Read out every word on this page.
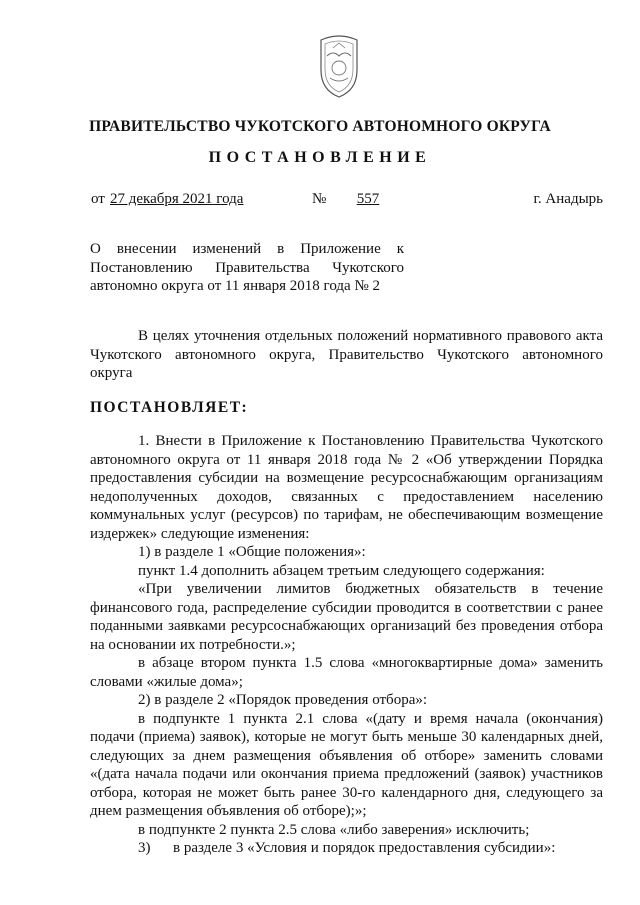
ПРАВИТЕЛЬСТВО ЧУКОТСКОГО АВТОНОМНОГО ОКРУГА
ПОСТАНОВЛЕНИЕ
от 27 декабря 2021 года	№	557	г. Анадырь
О внесении изменений в Приложение к
Постановлению Правительства Чукотского
автономно округа от 11 января 2018 года № 2
В целях уточнения отдельных положений нормативного правового акта
Чукотского автономного округа, Правительство Чукотского автономного
округа
ПОСТАНОВЛЯЕТ:
1. Внести в Приложение к Постановлению Правительства Чукотского
автономного округа от 11 января 2018 года № 2 «Об утверждении Порядка
предоставления субсидии на возмещение ресурсоснабжающим организациям
недополученных доходов, связанных с предоставлением населению
коммунальных услуг (ресурсов) по тарифам, не обеспечивающим возмещение
издержек» следующие изменения:
1) в разделе 1 «Общие положения»:
пункт 1.4 дополнить абзацем третьим следующего содержания:
«При увеличении лимитов бюджетных обязательств в течение
финансового года, распределение субсидии проводится в соответствии с ранее
поданными заявками ресурсоснабжающих организаций без проведения отбора
на основании их потребности.»;
в абзаце втором пункта 1.5 слова «многоквартирные дома» заменить
словами «жилые дома»;
2) в разделе 2 «Порядок проведения отбора»:
в подпункте 1 пункта 2.1 слова «(дату и время начала (окончания)
подачи (приема) заявок), которые не могут быть меньше 30 календарных дней,
следующих за днем размещения объявления об отборе» заменить словами
«(дата начала подачи или окончания приема предложений (заявок) участников
отбора, которая не может быть ранее 30-го календарного дня, следующего за
днем размещения объявления об отборе);»;
в подпункте 2 пункта 2.5 слова «либо заверения» исключить;
3)      в разделе 3 «Условия и порядок предоставления субсидии»:
